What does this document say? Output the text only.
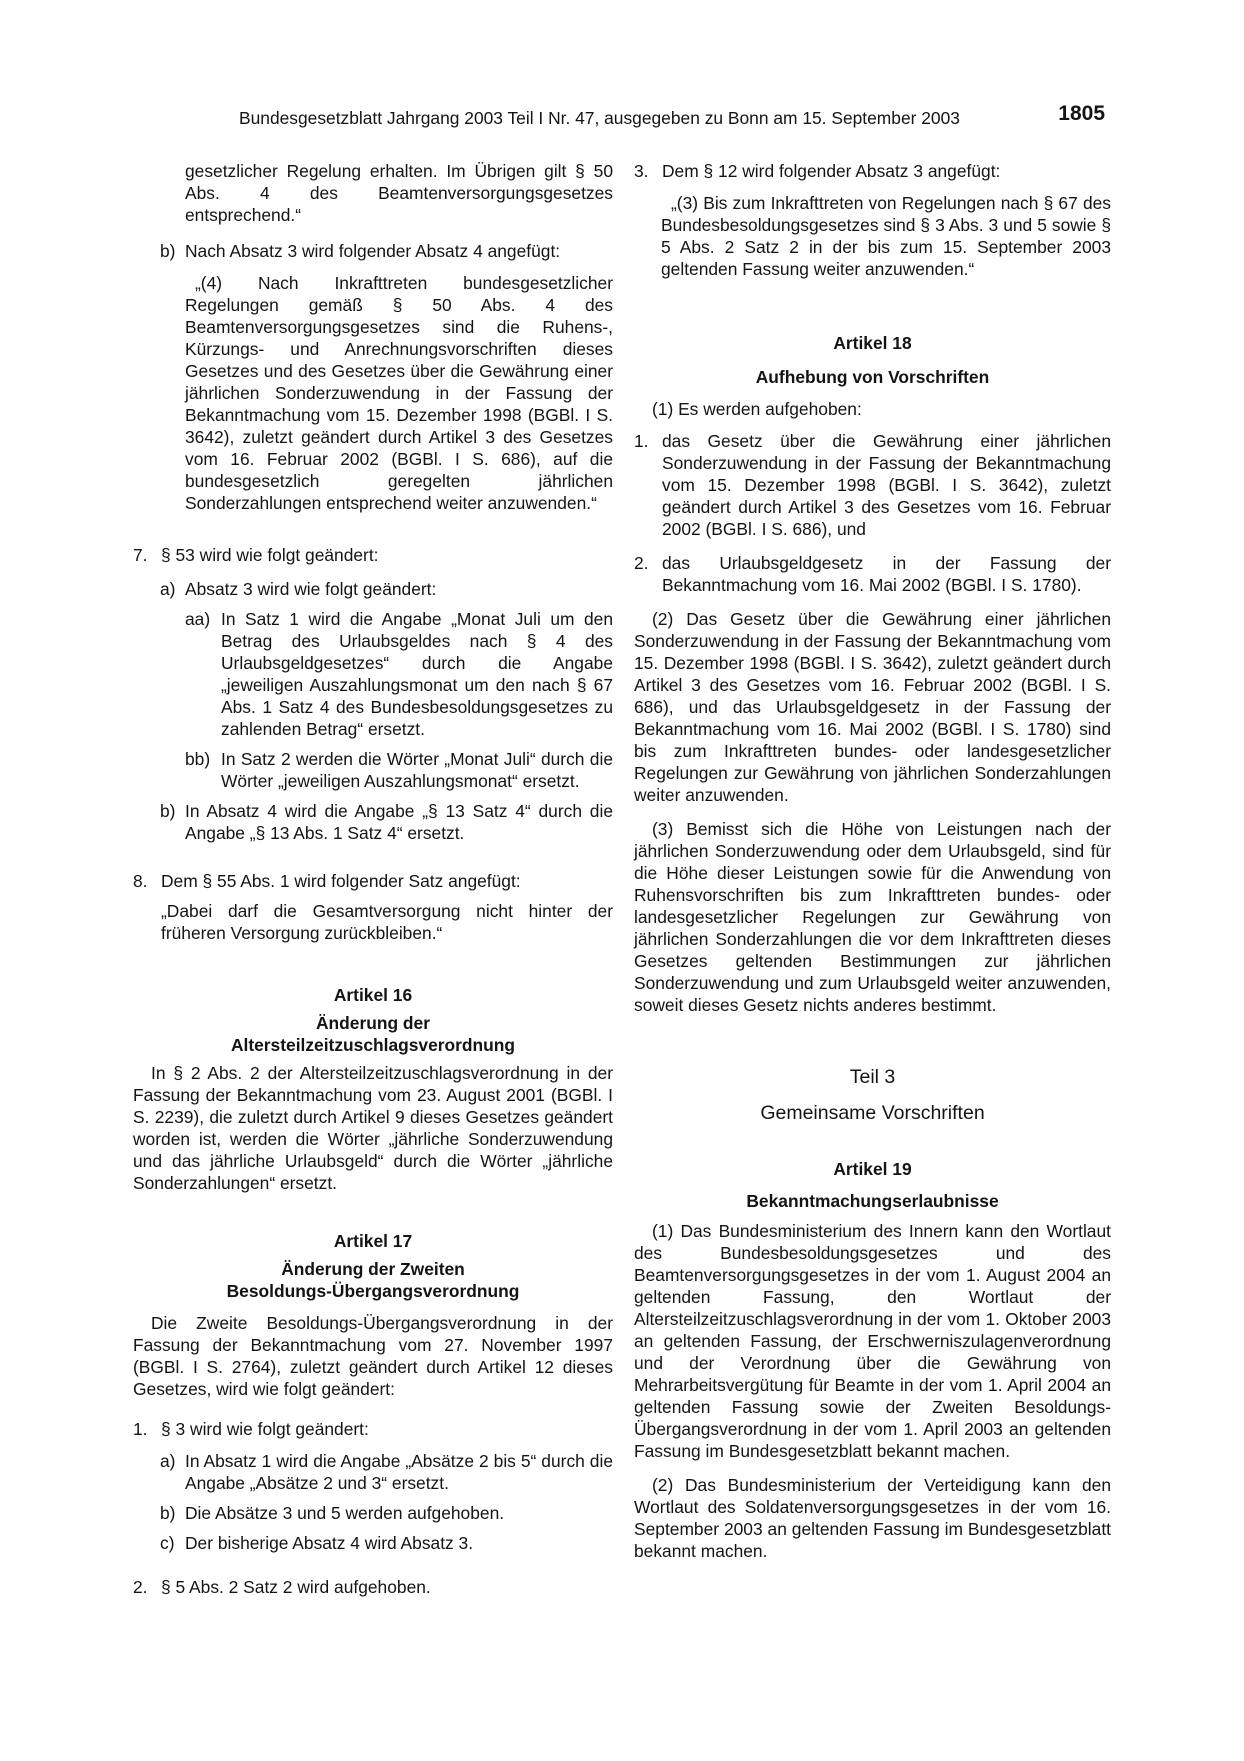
Bundesgesetzblatt Jahrgang 2003 Teil I Nr. 47, ausgegeben zu Bonn am 15. September 2003	1805

gesetzlicher Regelung erhalten. Im Übrigen gilt § 50 Abs. 4 des Beamtenversorgungsgesetzes entsprechend.“

b) Nach Absatz 3 wird folgender Absatz 4 angefügt:

„(4) Nach Inkrafttreten bundesgesetzlicher Regelungen gemäß § 50 Abs. 4 des Beamtenversorgungsgesetzes sind die Ruhens-, Kürzungs- und Anrechnungsvorschriften dieses Gesetzes und des Gesetzes über die Gewährung einer jährlichen Sonderzuwendung in der Fassung der Bekanntmachung vom 15. Dezember 1998 (BGBl. I S. 3642), zuletzt geändert durch Artikel 3 des Gesetzes vom 16. Februar 2002 (BGBl. I S. 686), auf die bundesgesetzlich geregelten jährlichen Sonderzahlungen entsprechend weiter anzuwenden.“

7. § 53 wird wie folgt geändert:
a) Absatz 3 wird wie folgt geändert:
aa) In Satz 1 wird die Angabe „Monat Juli um den Betrag des Urlaubsgeldes nach § 4 des Urlaubsgeldgesetzes“ durch die Angabe „jeweiligen Auszahlungsmonat um den nach § 67 Abs. 1 Satz 4 des Bundesbesoldungsgesetzes zu zahlenden Betrag“ ersetzt.
bb) In Satz 2 werden die Wörter „Monat Juli“ durch die Wörter „jeweiligen Auszahlungsmonat“ ersetzt.
b) In Absatz 4 wird die Angabe „§ 13 Satz 4“ durch die Angabe „§ 13 Abs. 1 Satz 4“ ersetzt.
8. Dem § 55 Abs. 1 wird folgender Satz angefügt:

„Dabei darf die Gesamtversorgung nicht hinter der früheren Versorgung zurückbleiben.“

Artikel 16
Änderung der
Altersteilzeitzuschlagsverordnung

In § 2 Abs. 2 der Altersteilzeitzuschlagsverordnung in der Fassung der Bekanntmachung vom 23. August 2001 (BGBl. I S. 2239), die zuletzt durch Artikel 9 dieses Gesetzes geändert worden ist, werden die Wörter „jährliche Sonderzuwendung und das jährliche Urlaubsgeld“ durch die Wörter „jährliche Sonderzahlungen“ ersetzt.

Artikel 17
Änderung der Zweiten
Besoldungs-Übergangsverordnung

Die Zweite Besoldungs-Übergangsverordnung in der Fassung der Bekanntmachung vom 27. November 1997 (BGBl. I S. 2764), zuletzt geändert durch Artikel 12 dieses Gesetzes, wird wie folgt geändert:

1. § 3 wird wie folgt geändert:
a) In Absatz 1 wird die Angabe „Absätze 2 bis 5“ durch die Angabe „Absätze 2 und 3“ ersetzt.
b) Die Absätze 3 und 5 werden aufgehoben.
c) Der bisherige Absatz 4 wird Absatz 3.
2. § 5 Abs. 2 Satz 2 wird aufgehoben.
3. Dem § 12 wird folgender Absatz 3 angefügt:

„(3) Bis zum Inkrafttreten von Regelungen nach § 67 des Bundesbesoldungsgesetzes sind § 3 Abs. 3 und 5 sowie § 5 Abs. 2 Satz 2 in der bis zum 15. September 2003 geltenden Fassung weiter anzuwenden.“

Artikel 18
Aufhebung von Vorschriften

(1) Es werden aufgehoben:

1. das Gesetz über die Gewährung einer jährlichen Sonderzuwendung in der Fassung der Bekanntmachung vom 15. Dezember 1998 (BGBl. I S. 3642), zuletzt geändert durch Artikel 3 des Gesetzes vom 16. Februar 2002 (BGBl. I S. 686), und
2. das Urlaubsgeldgesetz in der Fassung der Bekanntmachung vom 16. Mai 2002 (BGBl. I S. 1780).

(2) Das Gesetz über die Gewährung einer jährlichen Sonderzuwendung in der Fassung der Bekanntmachung vom 15. Dezember 1998 (BGBl. I S. 3642), zuletzt geändert durch Artikel 3 des Gesetzes vom 16. Februar 2002 (BGBl. I S. 686), und das Urlaubsgeldgesetz in der Fassung der Bekanntmachung vom 16. Mai 2002 (BGBl. I S. 1780) sind bis zum Inkrafttreten bundes- oder landesgesetzlicher Regelungen zur Gewährung von jährlichen Sonderzahlungen weiter anzuwenden.

(3) Bemisst sich die Höhe von Leistungen nach der jährlichen Sonderzuwendung oder dem Urlaubsgeld, sind für die Höhe dieser Leistungen sowie für die Anwendung von Ruhensvorschriften bis zum Inkrafttreten bundes- oder landesgesetzlicher Regelungen zur Gewährung von jährlichen Sonderzahlungen die vor dem Inkrafttreten dieses Gesetzes geltenden Bestimmungen zur jährlichen Sonderzuwendung und zum Urlaubsgeld weiter anzuwenden, soweit dieses Gesetz nichts anderes bestimmt.

Teil 3
Gemeinsame Vorschriften
Artikel 19
Bekanntmachungserlaubnisse

(1) Das Bundesministerium des Innern kann den Wortlaut des Bundesbesoldungsgesetzes und des Beamtenversorgungsgesetzes in der vom 1. August 2004 an geltenden Fassung, den Wortlaut der Altersteilzeitzuschlagsverordnung in der vom 1. Oktober 2003 an geltenden Fassung, der Erschwerniszulagenverordnung und der Verordnung über die Gewährung von Mehrarbeitsvergütung für Beamte in der vom 1. April 2004 an geltenden Fassung sowie der Zweiten Besoldungs-Übergangsverordnung in der vom 1. April 2003 an geltenden Fassung im Bundesgesetzblatt bekannt machen.

(2) Das Bundesministerium der Verteidigung kann den Wortlaut des Soldatenversorgungsgesetzes in der vom 16. September 2003 an geltenden Fassung im Bundesgesetzblatt bekannt machen.
